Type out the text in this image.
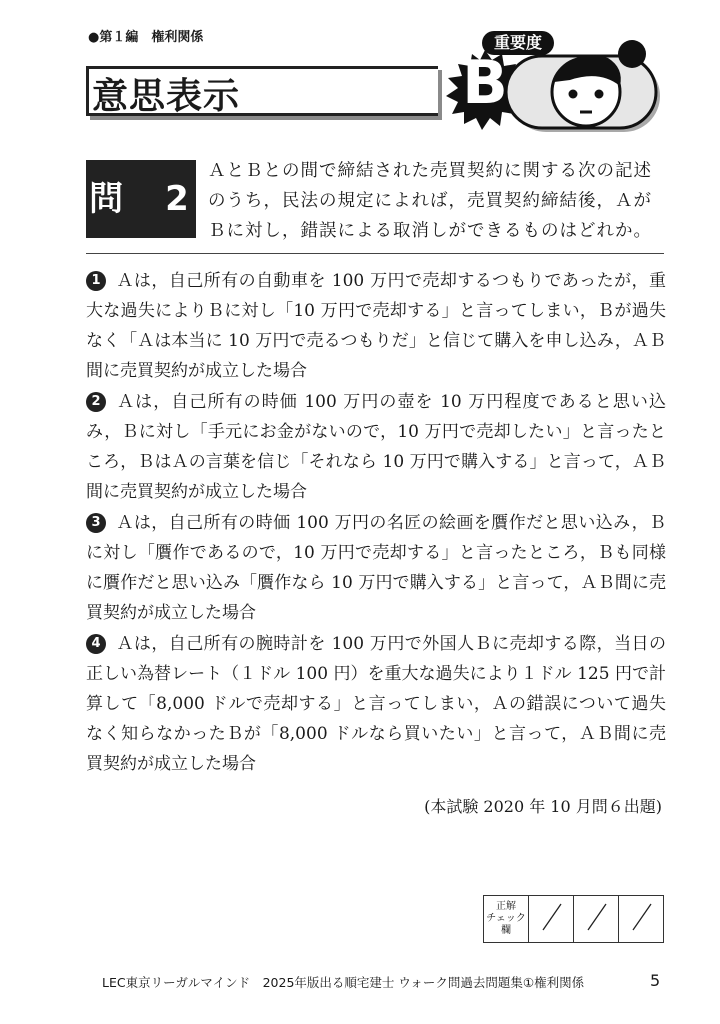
●第１編　権利関係
意思表示
重要度
B
問　2
ＡとＢとの間で締結された売買契約に関する次の記述のうち，民法の規定によれば，売買契約締結後，ＡがＢに対し，錯誤による取消しができるものはどれか。
1 Ａは，自己所有の自動車を 100 万円で売却するつもりであったが，重大な過失によりＢに対し「10 万円で売却する」と言ってしまい，Ｂが過失なく「Ａは本当に 10 万円で売るつもりだ」と信じて購入を申し込み，ＡＢ間に売買契約が成立した場合
2 Ａは，自己所有の時価 100 万円の壺を 10 万円程度であると思い込み，Ｂに対し「手元にお金がないので，10 万円で売却したい」と言ったところ，ＢはＡの言葉を信じ「それなら 10 万円で購入する」と言って，ＡＢ間に売買契約が成立した場合
3 Ａは，自己所有の時価 100 万円の名匠の絵画を贋作だと思い込み，Ｂに対し「贋作であるので，10 万円で売却する」と言ったところ，Ｂも同様に贋作だと思い込み「贋作なら 10 万円で購入する」と言って，ＡＢ間に売買契約が成立した場合
4 Ａは，自己所有の腕時計を 100 万円で外国人Ｂに売却する際，当日の正しい為替レート（１ドル 100 円）を重大な過失により１ドル 125 円で計算して「8,000 ドルで売却する」と言ってしまい，Ａの錯誤について過失なく知らなかったＢが「8,000 ドルなら買いたい」と言って，ＡＢ間に売買契約が成立した場合
(本試験 2020 年 10 月問６出題)
正解
チェック
欄

LEC東京リーガルマインド　2025年版出る順宅建士 ウォーク問過去問題集①権利関係	5
